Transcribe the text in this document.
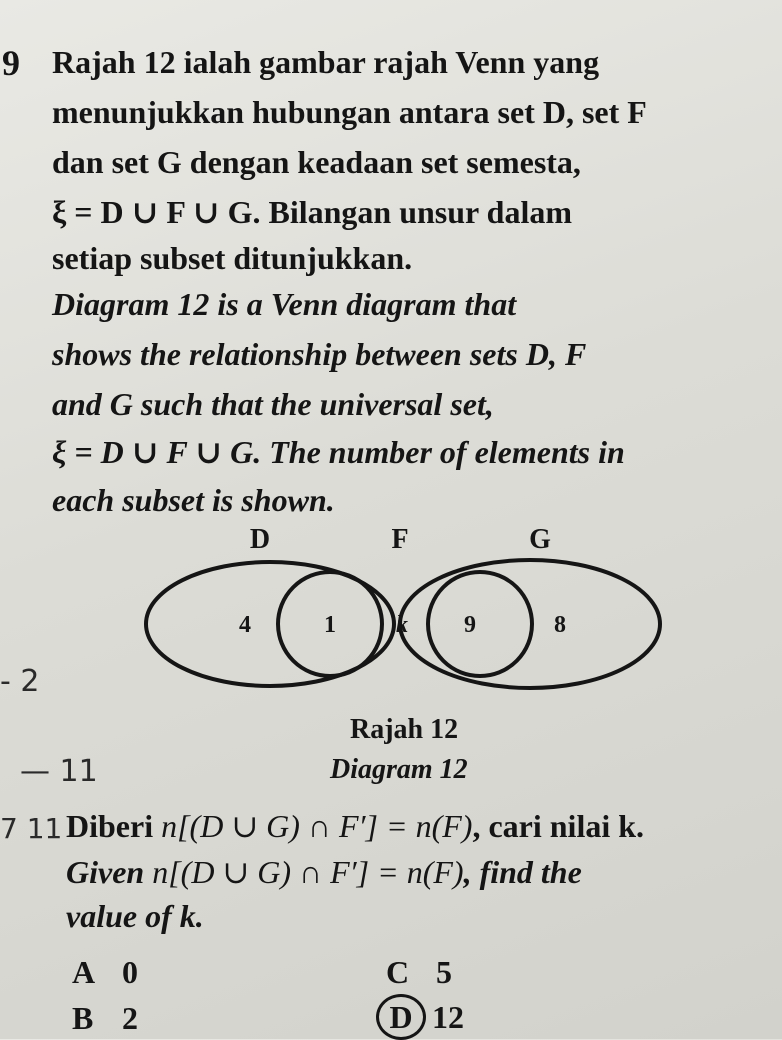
9 Rajah 12 ialah gambar rajah Venn yang
menunjukkan hubungan antara set D, set F
dan set G dengan keadaan set semesta,
ξ = D ∪ F ∪ G. Bilangan unsur dalam
setiap subset ditunjukkan.
Diagram 12 is a Venn diagram that
shows the relationship between sets D, F
and G such that the universal set,
ξ = D ∪ F ∪ G. The number of elements in
each subset is shown.
D	F	G
4	1	k 9	8
- 2
Rajah 12
— 11	Diagram 12
7 11 Diberi n[(D ∪ G) ∩ F′] = n(F), cari nilai k.
Given n[(D ∪ G) ∩ F′] = n(F), find the
value of k.
A 0
B 2
C 5
D 12
